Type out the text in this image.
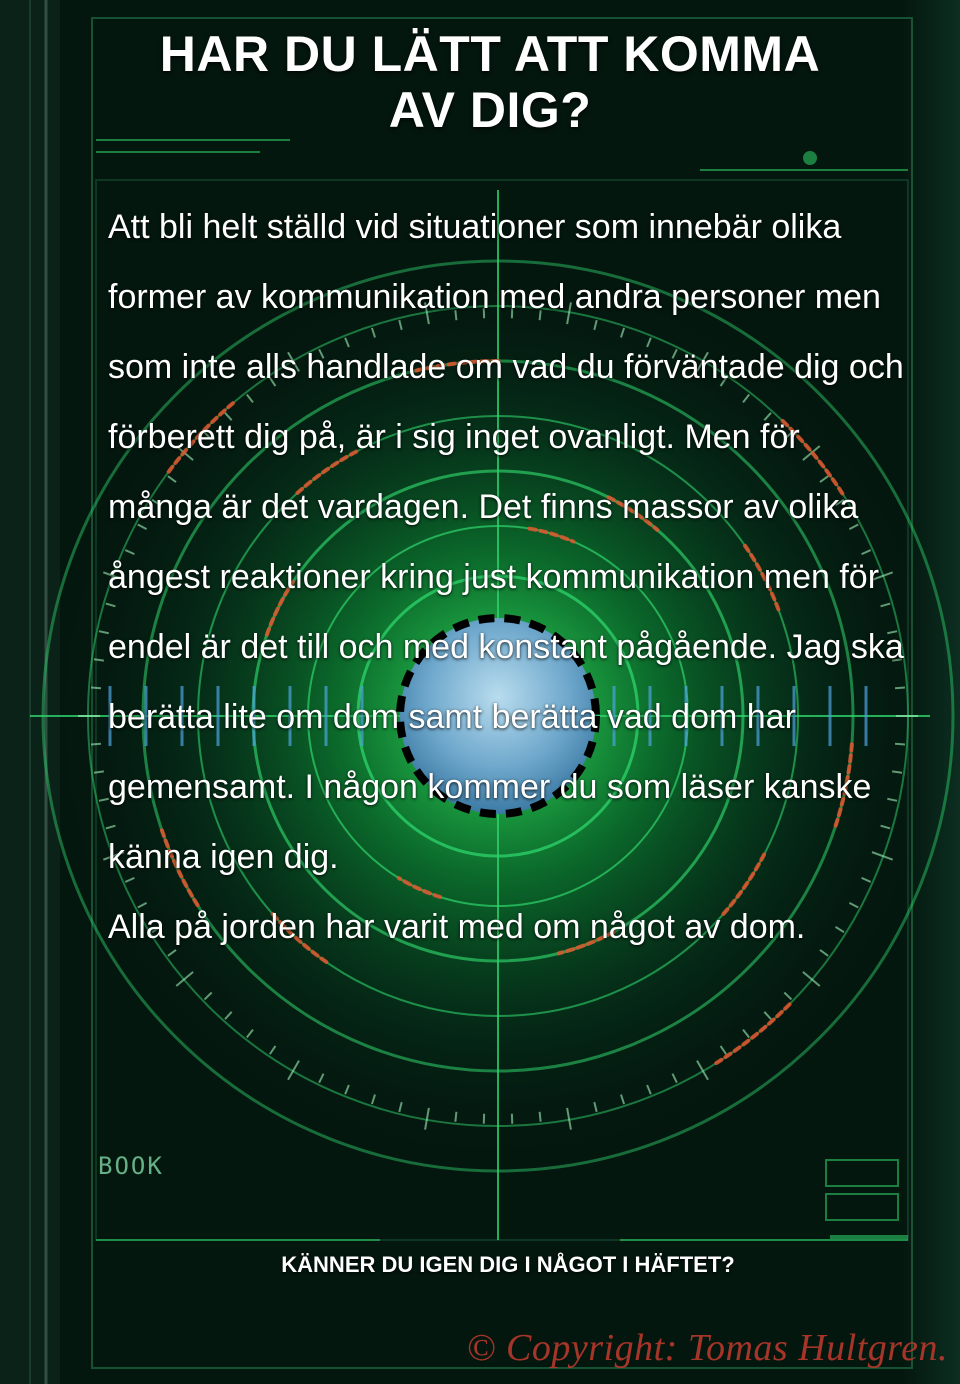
HAR DU LÄTT ATT KOMMA
AV DIG?

Att bli helt ställd vid situationer som innebär olika former av kommunikation med andra personer men som inte alls handlade om vad du förväntade dig och förberett dig på, är i sig inget ovanligt. Men för många är det vardagen. Det finns massor av olika ångest reaktioner kring just kommunikation men för endel är det till och med konstant pågående. Jag ska berätta lite om dom samt berätta vad dom har gemensamt. I någon kommer du som läser kanske känna igen dig.

Alla på jorden har varit med om något av dom.

BOOK
KÄNNER DU IGEN DIG I NÅGOT I HÄFTET?
© Copyright: Tomas Hultgren.
